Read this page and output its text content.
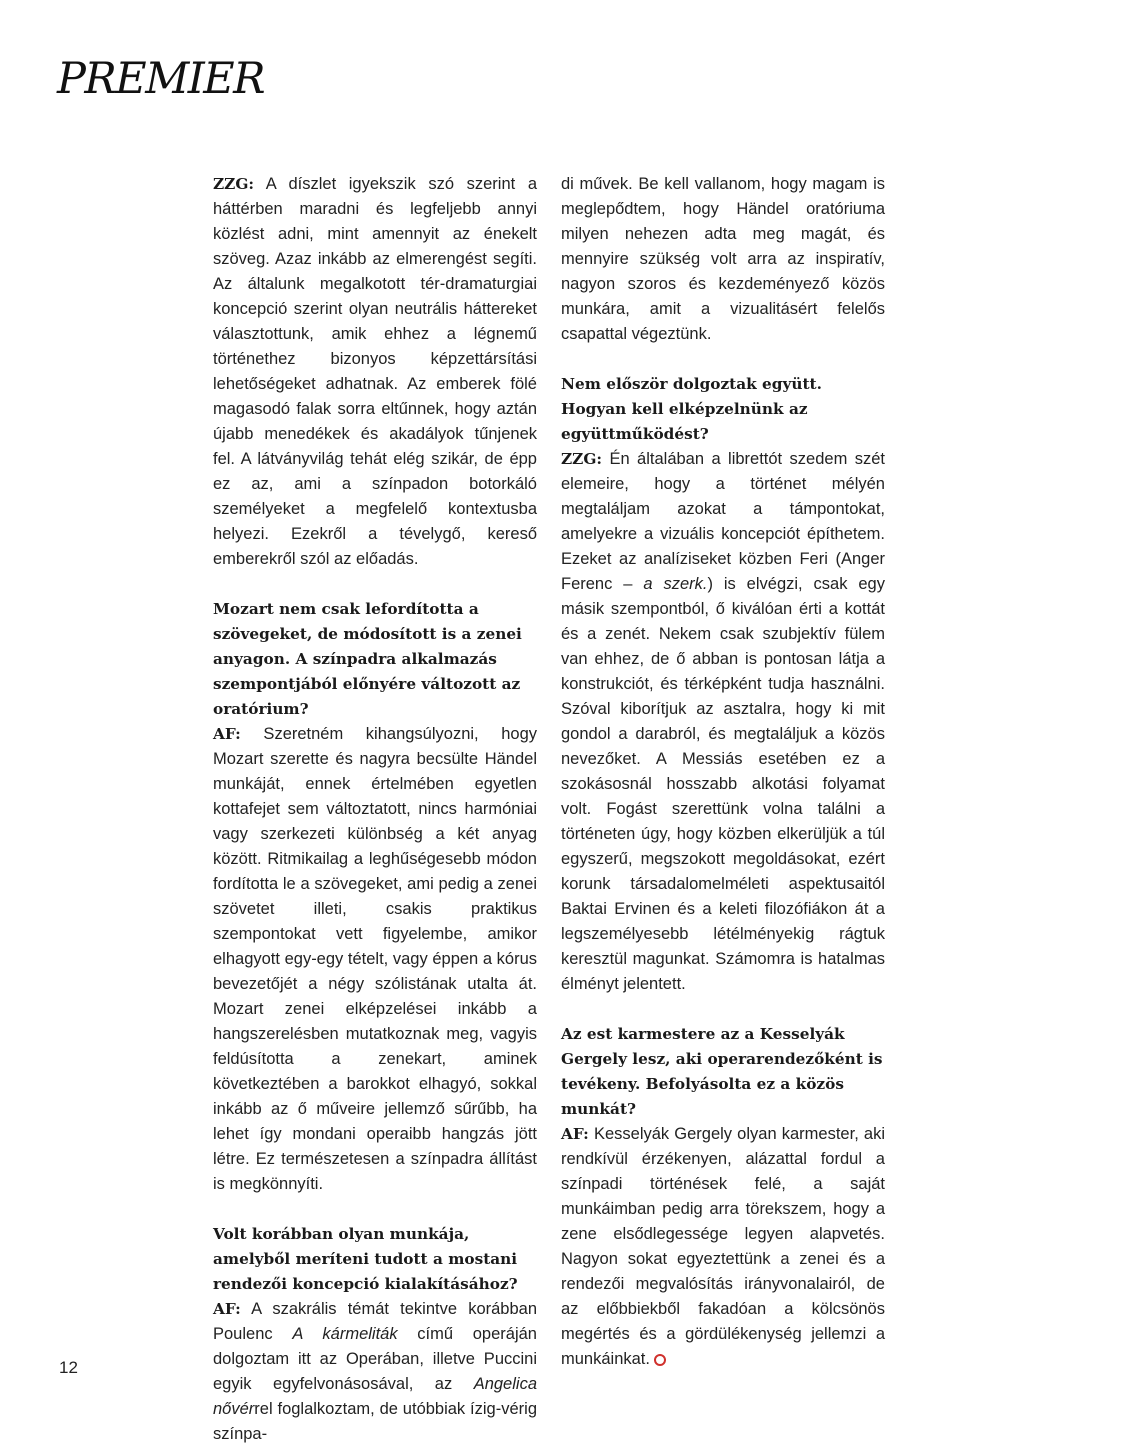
PREMIER

ZZG: A díszlet igyekszik szó szerint a háttérben maradni és legfeljebb annyi közlést adni, mint amennyit az énekelt szöveg. Azaz inkább az elmerengést segíti. Az általunk megalkotott tér-dramaturgiai koncepció szerint olyan neutrális háttereket választottunk, amik ehhez a légnemű történethez bizonyos képzettársítási lehetőségeket adhatnak. Az emberek fölé magasodó falak sorra eltűnnek, hogy aztán újabb menedékek és akadályok tűnjenek fel. A látványvilág tehát elég szikár, de épp ez az, ami a színpadon botorkáló személyeket a megfelelő kontextusba helyezi. Ezekről a tévelygő, kereső emberekről szól az előadás.

Mozart nem csak lefordította a szövegeket, de módosított is a zenei anyagon. A színpadra alkalmazás szempontjából előnyére változott az oratórium?

AF: Szeretném kihangsúlyozni, hogy Mozart szerette és nagyra becsülte Händel munkáját, ennek értelmében egyetlen kottafejet sem változtatott, nincs harmóniai vagy szerkezeti különbség a két anyag között. Ritmikailag a leghűségesebb módon fordította le a szövegeket, ami pedig a zenei szövetet illeti, csakis praktikus szempontokat vett figyelembe, amikor elhagyott egy-egy tételt, vagy éppen a kórus bevezetőjét a négy szólistának utalta át. Mozart zenei elképzelései inkább a hangszerelésben mutatkoznak meg, vagyis feldúsította a zenekart, aminek következtében a barokkot elhagyó, sokkal inkább az ő műveire jellemző sűrűbb, ha lehet így mondani operaibb hangzás jött létre. Ez természetesen a színpadra állítást is megkönnyíti.

Volt korábban olyan munkája, amelyből meríteni tudott a mostani rendezői koncepció kialakításához?

AF: A szakrális témát tekintve korábban Poulenc A kármeliták című operáján dolgoztam itt az Operában, illetve Puccini egyik egyfelvonásosával, az Angelica nővérrel foglalkoztam, de utóbbiak ízig-vérig színpa-

di művek. Be kell vallanom, hogy magam is meglepődtem, hogy Händel oratóriuma milyen nehezen adta meg magát, és mennyire szükség volt arra az inspiratív, nagyon szoros és kezdeményező közös munkára, amit a vizualitásért felelős csapattal végeztünk.

Nem először dolgoztak együtt. Hogyan kell elképzelnünk az együttműködést?

ZZG: Én általában a librettót szedem szét elemeire, hogy a történet mélyén megtaláljam azokat a támpontokat, amelyekre a vizuális koncepciót építhetem. Ezeket az analíziseket közben Feri (Anger Ferenc – a szerk.) is elvégzi, csak egy másik szempontból, ő kiválóan érti a kottát és a zenét. Nekem csak szubjektív fülem van ehhez, de ő abban is pontosan látja a konstrukciót, és térképként tudja használni. Szóval kiborítjuk az asztalra, hogy ki mit gondol a darabról, és megtaláljuk a közös nevezőket. A Messiás esetében ez a szokásosnál hosszabb alkotási folyamat volt. Fogást szerettünk volna találni a történeten úgy, hogy közben elkerüljük a túl egyszerű, megszokott megoldásokat, ezért korunk társadalomelméleti aspektusaitól Baktai Ervinen és a keleti filozófiákon át a legszemélyesebb létélményekig rágtuk keresztül magunkat. Számomra is hatalmas élményt jelentett.

Az est karmestere az a Kesselyák Gergely lesz, aki operarendezőként is tevékeny. Befolyásolta ez a közös munkát?

AF: Kesselyák Gergely olyan karmester, aki rendkívül érzékenyen, alázattal fordul a színpadi történések felé, a saját munkáimban pedig arra törekszem, hogy a zene elsődlegessége legyen alapvetés. Nagyon sokat egyeztettünk a zenei és a rendezői megvalósítás irányvonalairól, de az előbbiekből fakadóan a kölcsönös megértés és a gördülékenység jellemzi a munkáinkat.

12
